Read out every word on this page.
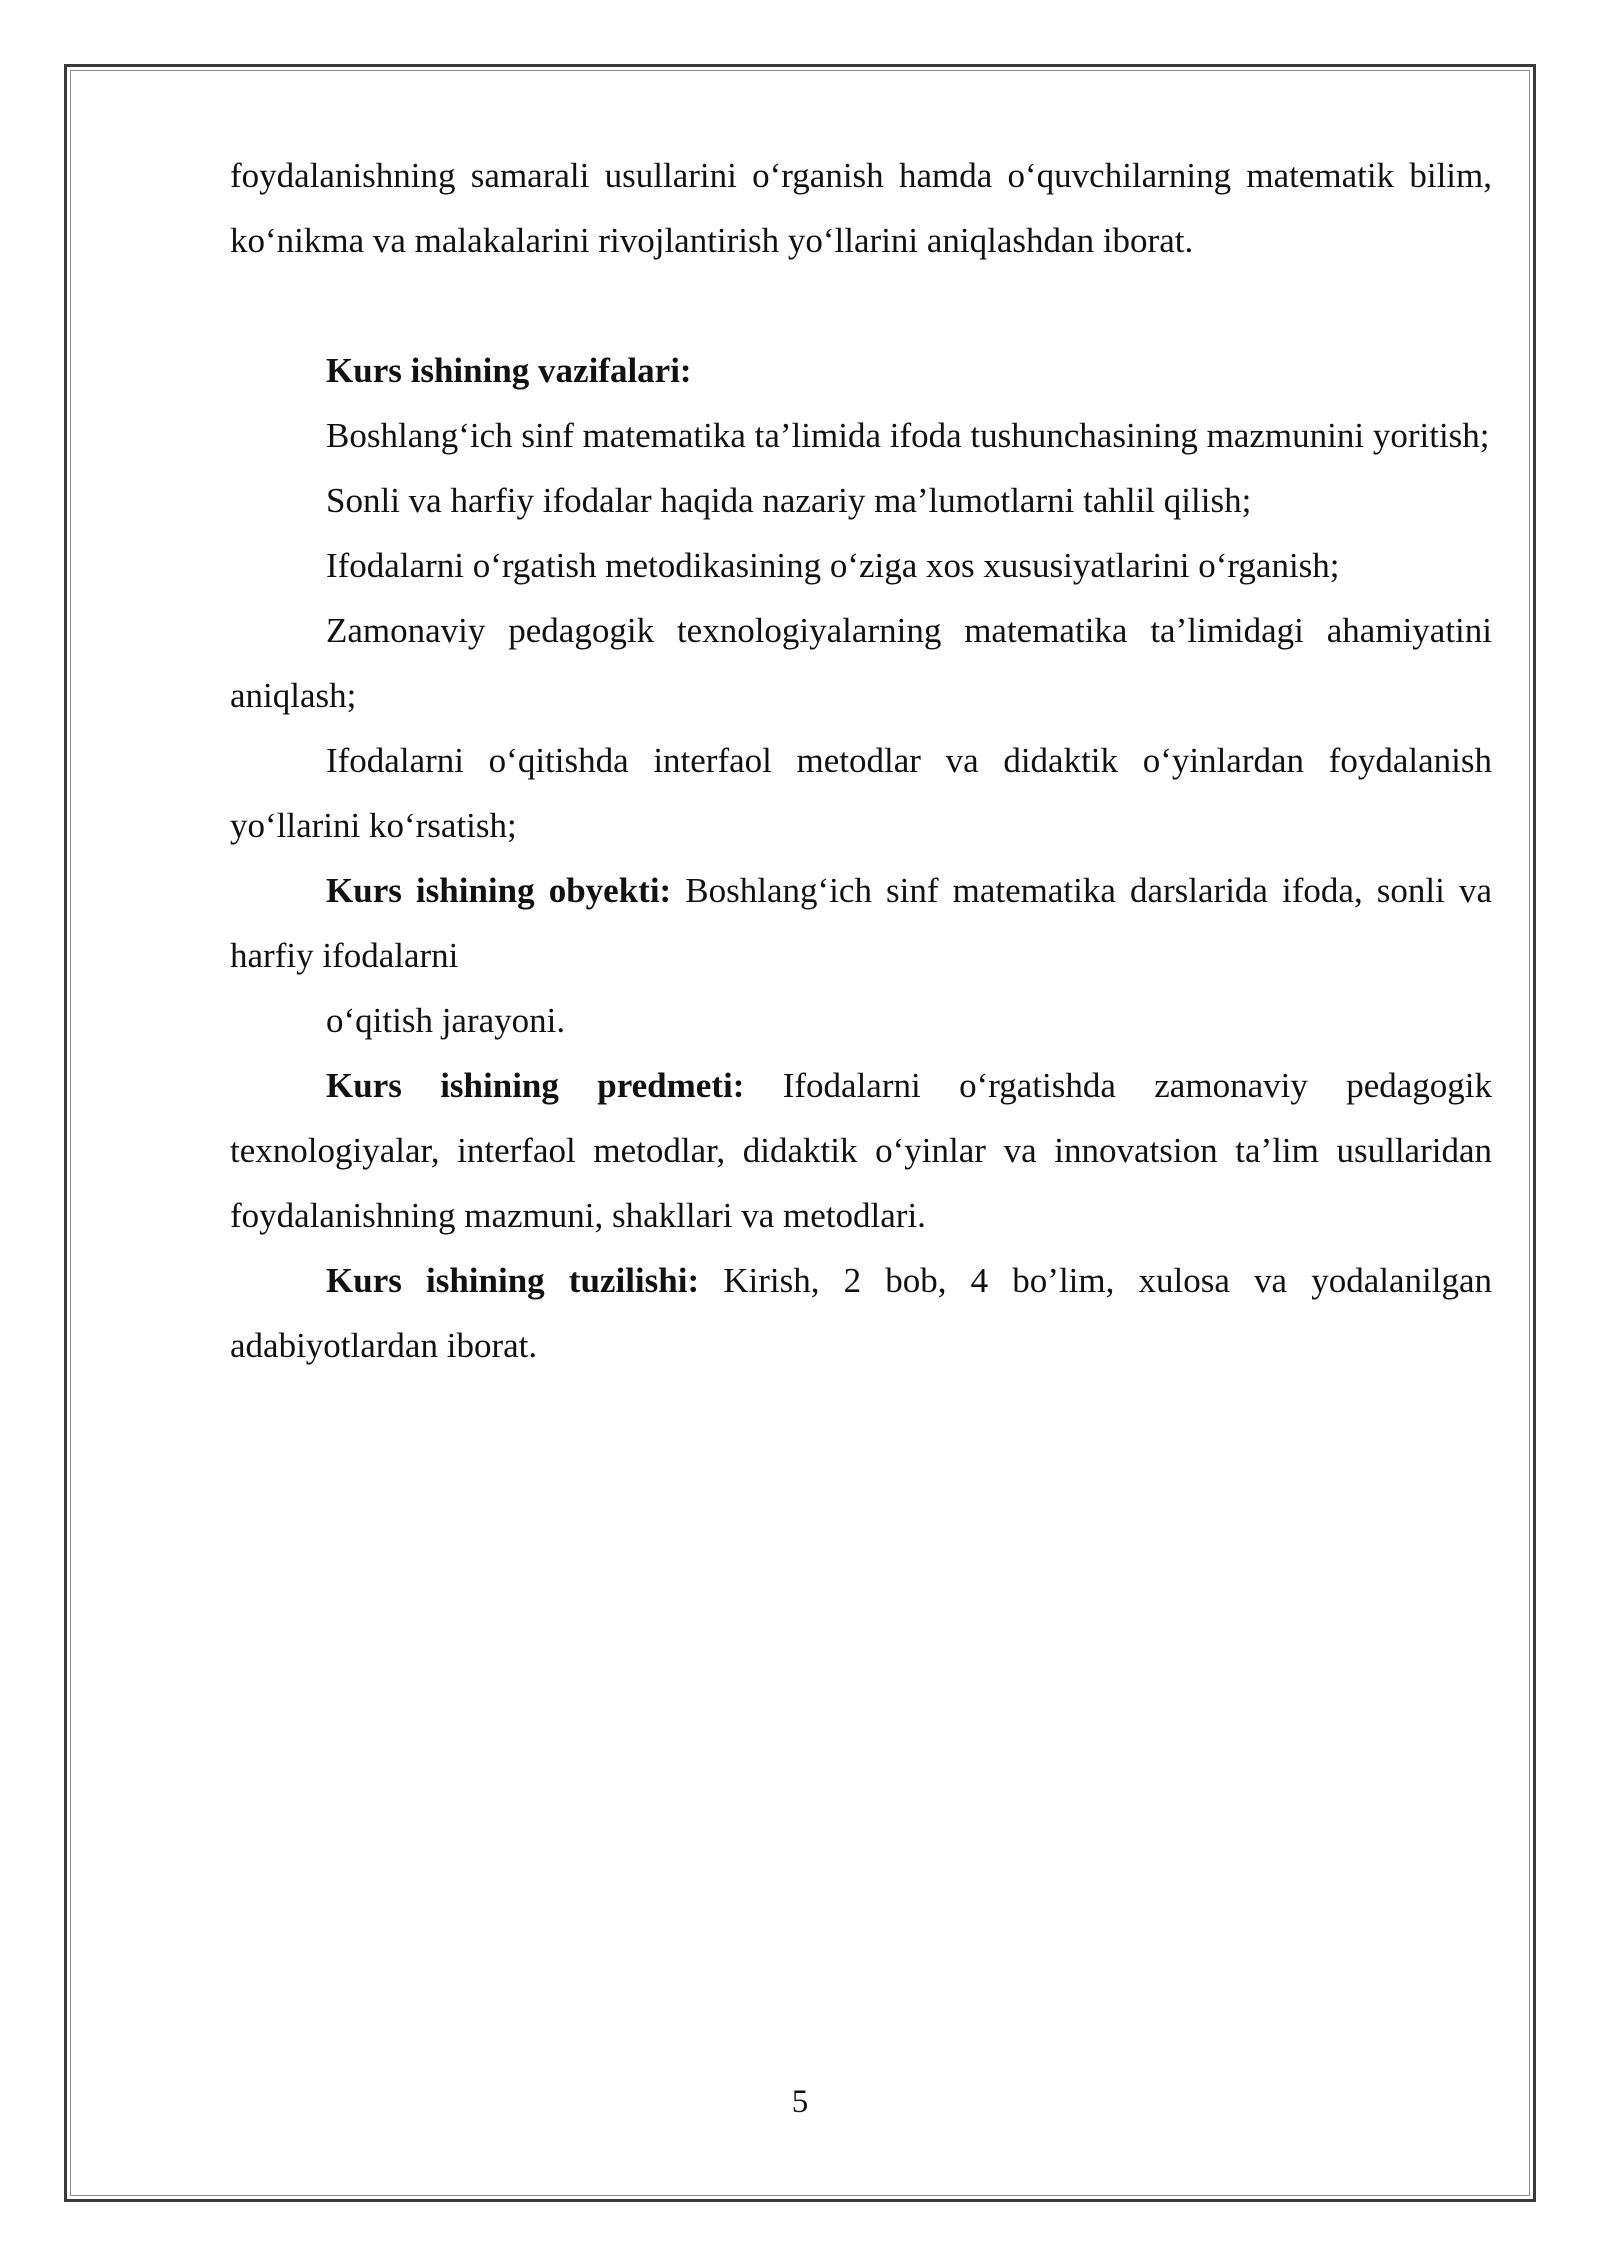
foydalanishning samarali usullarini o‘rganish hamda o‘quvchilarning matematik bilim, ko‘nikma va malakalarini rivojlantirish yo‘llarini aniqlashdan iborat.

Kurs ishining vazifalari:

Boshlang‘ich sinf matematika ta’limida ifoda tushunchasining mazmunini yoritish;

Sonli va harfiy ifodalar haqida nazariy ma’lumotlarni tahlil qilish;

Ifodalarni o‘rgatish metodikasining o‘ziga xos xususiyatlarini o‘rganish;

Zamonaviy pedagogik texnologiyalarning matematika ta’limidagi ahamiyatini aniqlash;

Ifodalarni o‘qitishda interfaol metodlar va didaktik o‘yinlardan foydalanish yo‘llarini ko‘rsatish;

Kurs ishining obyekti: Boshlang‘ich sinf matematika darslarida ifoda, sonli va harfiy ifodalarni

o‘qitish jarayoni.

Kurs ishining predmeti: Ifodalarni o‘rgatishda zamonaviy pedagogik texnologiyalar, interfaol metodlar, didaktik o‘yinlar va innovatsion ta’lim usullaridan foydalanishning mazmuni, shakllari va metodlari.

Kurs ishining tuzilishi: Kirish, 2 bob, 4 bo’lim, xulosa va yodalanilgan adabiyotlardan iborat.

5
